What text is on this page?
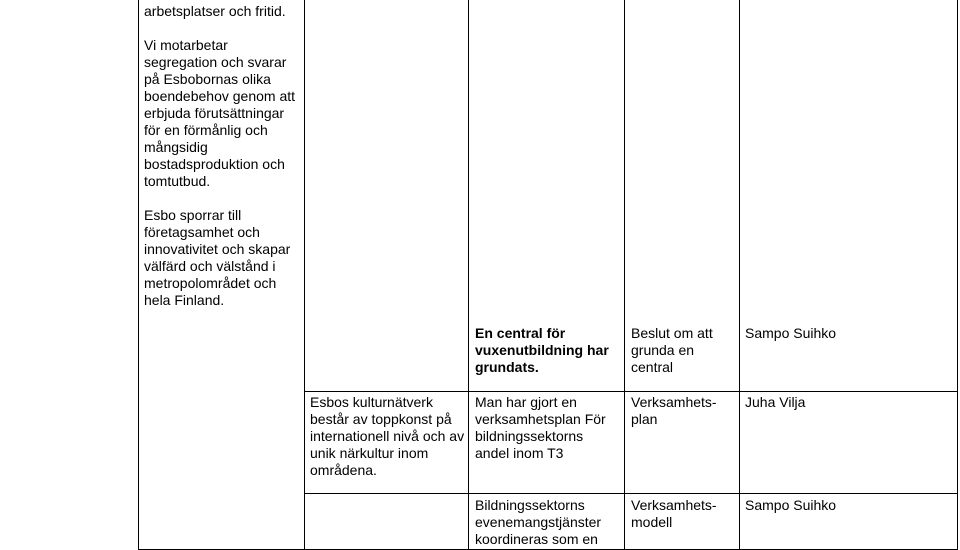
arbetsplatser och fritid.

Vi motarbetar segregation och svarar på Esbobornas olika boendebehov genom att erbjuda förutsättningar för en förmånlig och mångsidig bostadsproduktion och tomtutbud.

Esbo sporrar till företagsamhet och innovativitet och skapar välfärd och välstånd i metropolområdet och hela Finland.

En central för vuxenutbildning har grundats.
Beslut om att grunda en central
Sampo Suihko
Esbos kulturnätverk består av toppkonst på internationell nivå och av unik närkultur inom områdena.
Man har gjort en verksamhetsplan För bildningssektorns andel inom T3
Verksamhets-plan
Juha Vilja
Bildningssektorns evenemangstjänster koordineras som en
Verksamhets-modell
Sampo Suihko
